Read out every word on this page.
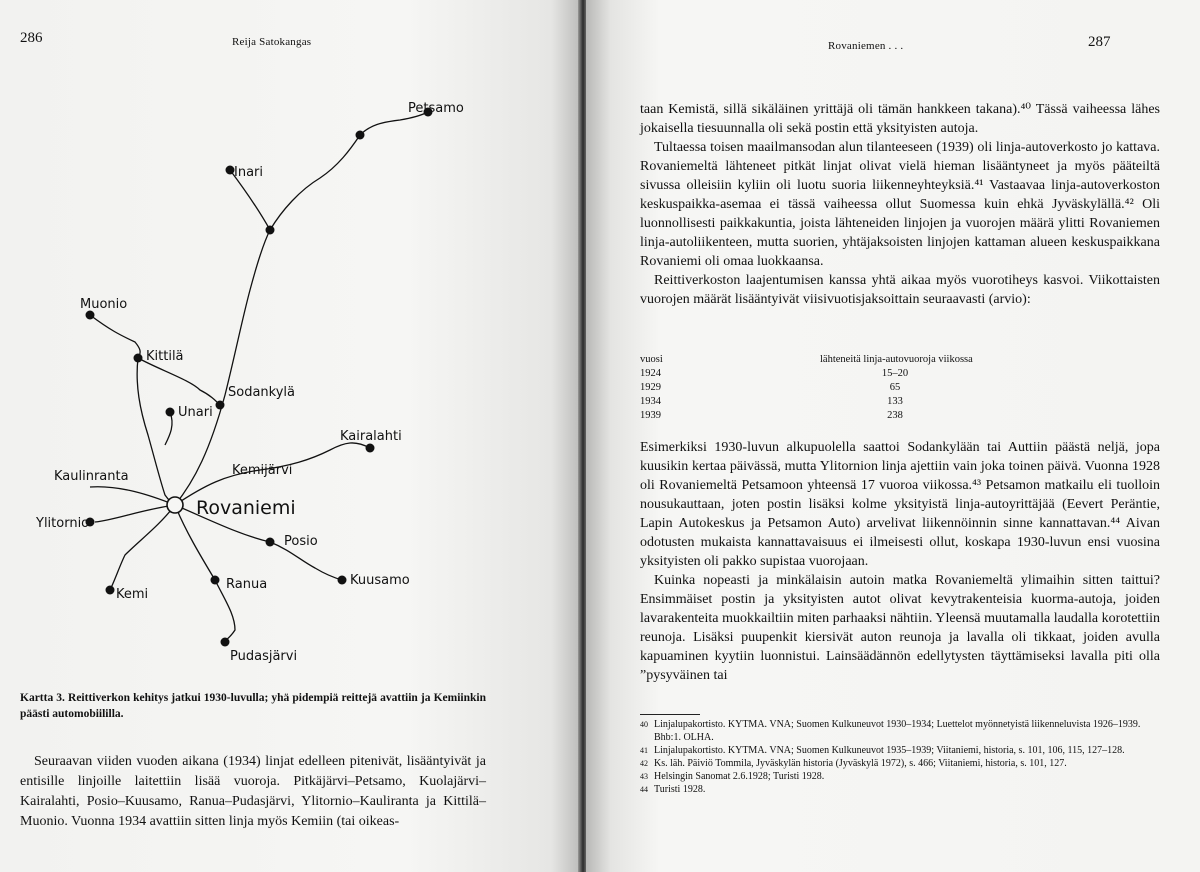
286	Reija Satokangas
Petsamo
Inari
Muonio
Kittilä
Sodankylä
Unari
Kairalahti
Kaulinranta	Kemijärvi
Ylitornio
Rovaniemi
Posio
Kuusamo
Ranua
Kemi
Pudasjärvi
Kartta 3. Reittiverkon kehitys jatkui 1930-luvulla; yhä pidempiä reittejä avattiin ja Kemiinkin päästi automobiililla.

Seuraavan viiden vuoden aikana (1934) linjat edelleen pitenivät, lisääntyivät ja entisille linjoille laitettiin lisää vuoroja. Pitkäjärvi–Petsamo, Kuolajärvi–Kairalahti, Posio–Kuusamo, Ranua–Pudasjärvi, Ylitornio–Kauliranta ja Kittilä–Muonio. Vuonna 1934 avattiin sitten linja myös Kemiin (tai oikeas-

Rovaniemen . . .	287

taan Kemistä, sillä sikäläinen yrittäjä oli tämän hankkeen takana).⁴⁰ Tässä vaiheessa lähes jokaisella tiesuunnalla oli sekä postin että yksityisten autoja.

Tultaessa toisen maailmansodan alun tilanteeseen (1939) oli linja-autoverkosto jo kattava. Rovaniemeltä lähteneet pitkät linjat olivat vielä hieman lisääntyneet ja myös pääteiltä sivussa olleisiin kyliin oli luotu suoria liikenneyhteyksiä.⁴¹ Vastaavaa linja-autoverkoston keskuspaikka-asemaa ei tässä vaiheessa ollut Suomessa kuin ehkä Jyväskylällä.⁴² Oli luonnollisesti paikkakuntia, joista lähteneiden linjojen ja vuorojen määrä ylitti Rovaniemen linja-autoliikenteen, mutta suorien, yhtäjaksoisten linjojen kattaman alueen keskuspaikkana Rovaniemi oli omaa luokkaansa.

Reittiverkoston laajentumisen kanssa yhtä aikaa myös vuorotiheys kasvoi. Viikottaisten vuorojen määrät lisääntyivät viisivuotisjaksoittain seuraavasti (arvio):

vuosi	lähteneitä linja-autovuoroja viikossa
1924	15–20
1929	65
1934	133
1939	238

Esimerkiksi 1930-luvun alkupuolella saattoi Sodankylään tai Auttiin päästä neljä, jopa kuusikin kertaa päivässä, mutta Ylitornion linja ajettiin vain joka toinen päivä. Vuonna 1928 oli Rovaniemeltä Petsamoon yhteensä 17 vuoroa viikossa.⁴³ Petsamon matkailu eli tuolloin nousukauttaan, joten postin lisäksi kolme yksityistä linja-autoyrittäjää (Eevert Peräntie, Lapin Autokeskus ja Petsamon Auto) arvelivat liikennöinnin sinne kannattavan.⁴⁴ Aivan odotusten mukaista kannattavaisuus ei ilmeisesti ollut, koskapa 1930-luvun ensi vuosina yksityisten oli pakko supistaa vuorojaan.

Kuinka nopeasti ja minkälaisin autoin matka Rovaniemeltä ylimaihin sitten taittui? Ensimmäiset postin ja yksityisten autot olivat kevytrakenteisia kuorma-autoja, joiden lavarakenteita muokkailtiin miten parhaaksi nähtiin. Yleensä muutamalla laudalla korotettiin reunoja. Lisäksi puupenkit kiersivät auton reunoja ja lavalla oli tikkaat, joiden avulla kapuaminen kyytiin luonnistui. Lainsäädännön edellytysten täyttämiseksi lavalla piti olla ”pysyväinen tai

40 Linjalupakortisto. KYTMA. VNA; Suomen Kulkuneuvot 1930–1934; Luettelot myönnetyistä liikenneluvista 1926–1939. Bhb:1. OLHA.
41 Linjalupakortisto. KYTMA. VNA; Suomen Kulkuneuvot 1935–1939; Viitaniemi, historia, s. 101, 106, 115, 127–128.
42 Ks. läh. Päiviö Tommila, Jyväskylän historia (Jyväskylä 1972), s. 466; Viitaniemi, historia, s. 101, 127.
43 Helsingin Sanomat 2.6.1928; Turisti 1928.
44 Turisti 1928.
